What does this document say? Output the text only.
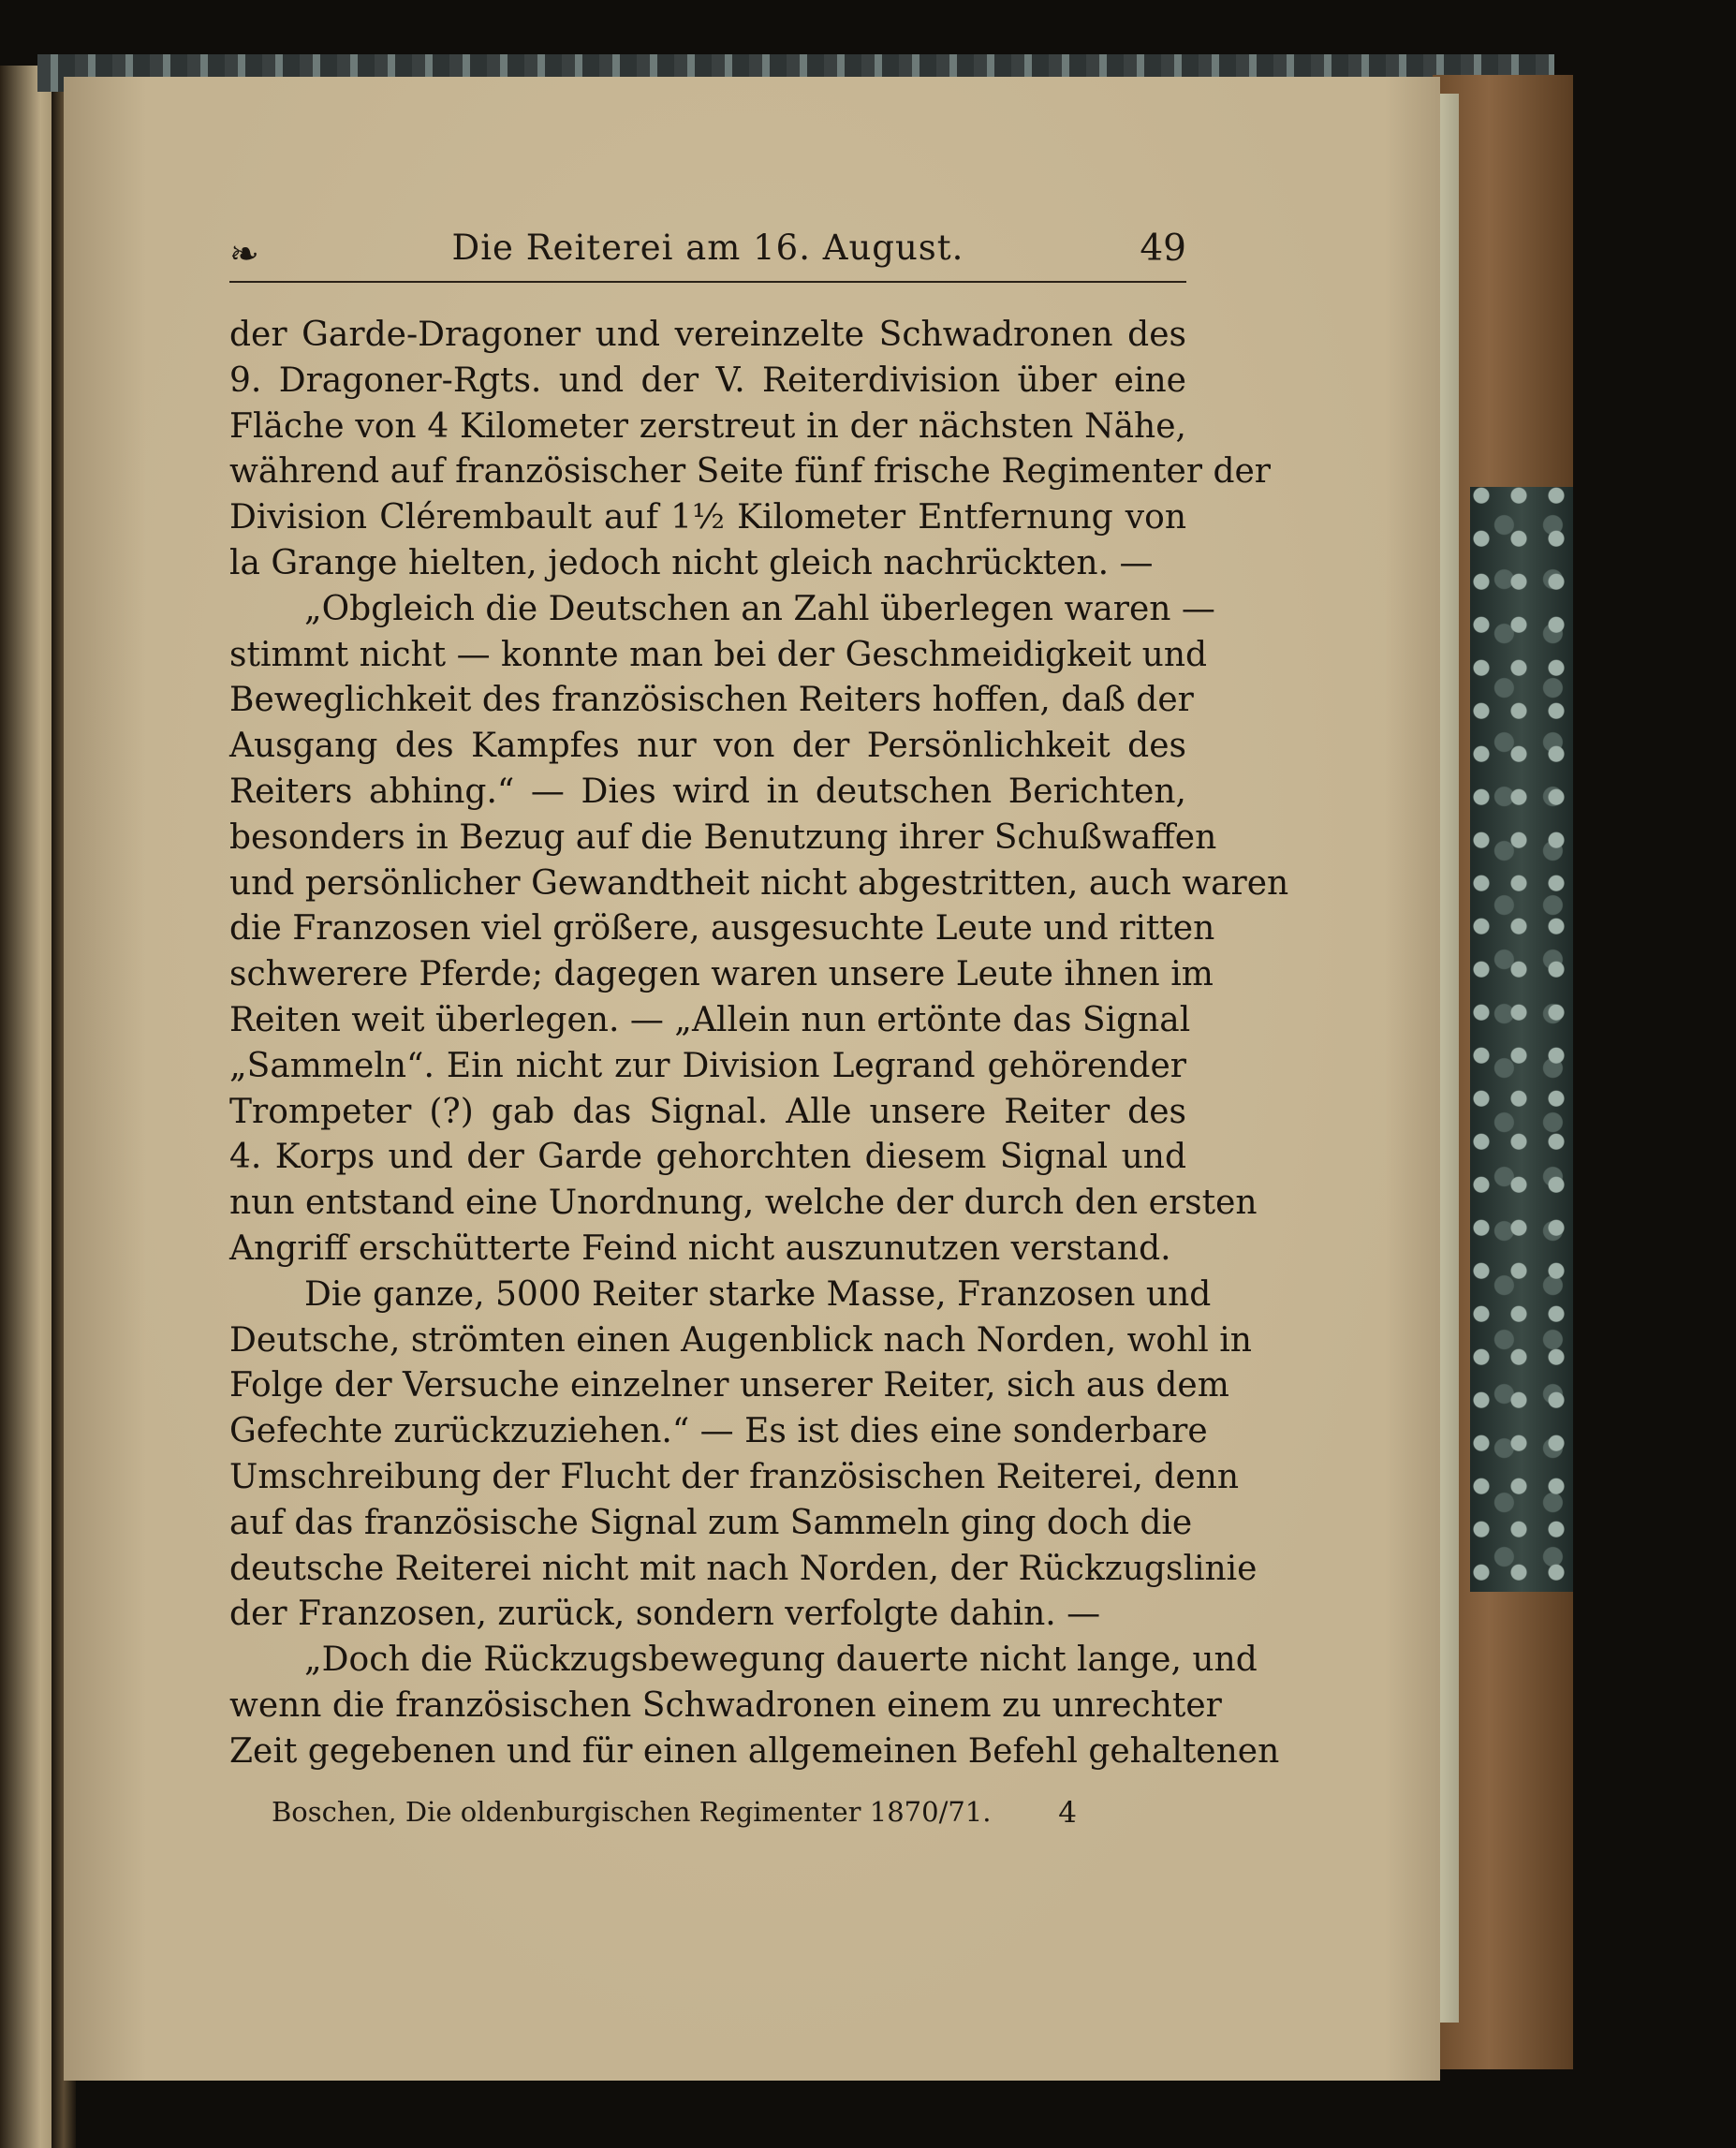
❧	Die Reiterei am 16. August.	49
der Garde-Dragoner und vereinzelte Schwadronen des
9. Dragoner-Rgts. und der V. Reiterdivision über eine
Fläche von 4 Kilometer zerstreut in der nächsten Nähe,
während auf französischer Seite fünf frische Regimenter der
Division Clérembault auf 1½ Kilometer Entfernung von
la Grange hielten, jedoch nicht gleich nachrückten. —
„Obgleich die Deutschen an Zahl überlegen waren —
stimmt nicht — konnte man bei der Geschmeidigkeit und
Beweglichkeit des französischen Reiters hoffen, daß der
Ausgang des Kampfes nur von der Persönlichkeit des
Reiters abhing.“ — Dies wird in deutschen Berichten,
besonders in Bezug auf die Benutzung ihrer Schußwaffen
und persönlicher Gewandtheit nicht abgestritten, auch waren
die Franzosen viel größere, ausgesuchte Leute und ritten
schwerere Pferde; dagegen waren unsere Leute ihnen im
Reiten weit überlegen. — „Allein nun ertönte das Signal
„Sammeln“. Ein nicht zur Division Legrand gehörender
Trompeter (?) gab das Signal. Alle unsere Reiter des
4. Korps und der Garde gehorchten diesem Signal und
nun entstand eine Unordnung, welche der durch den ersten
Angriff erschütterte Feind nicht auszunutzen verstand.
Die ganze, 5000 Reiter starke Masse, Franzosen und
Deutsche, strömten einen Augenblick nach Norden, wohl in
Folge der Versuche einzelner unserer Reiter, sich aus dem
Gefechte zurückzuziehen.“ — Es ist dies eine sonderbare
Umschreibung der Flucht der französischen Reiterei, denn
auf das französische Signal zum Sammeln ging doch die
deutsche Reiterei nicht mit nach Norden, der Rückzugslinie
der Franzosen, zurück, sondern verfolgte dahin. —
„Doch die Rückzugsbewegung dauerte nicht lange, und
wenn die französischen Schwadronen einem zu unrechter
Zeit gegebenen und für einen allgemeinen Befehl gehaltenen
Boschen, Die oldenburgischen Regimenter 1870/71. 4
